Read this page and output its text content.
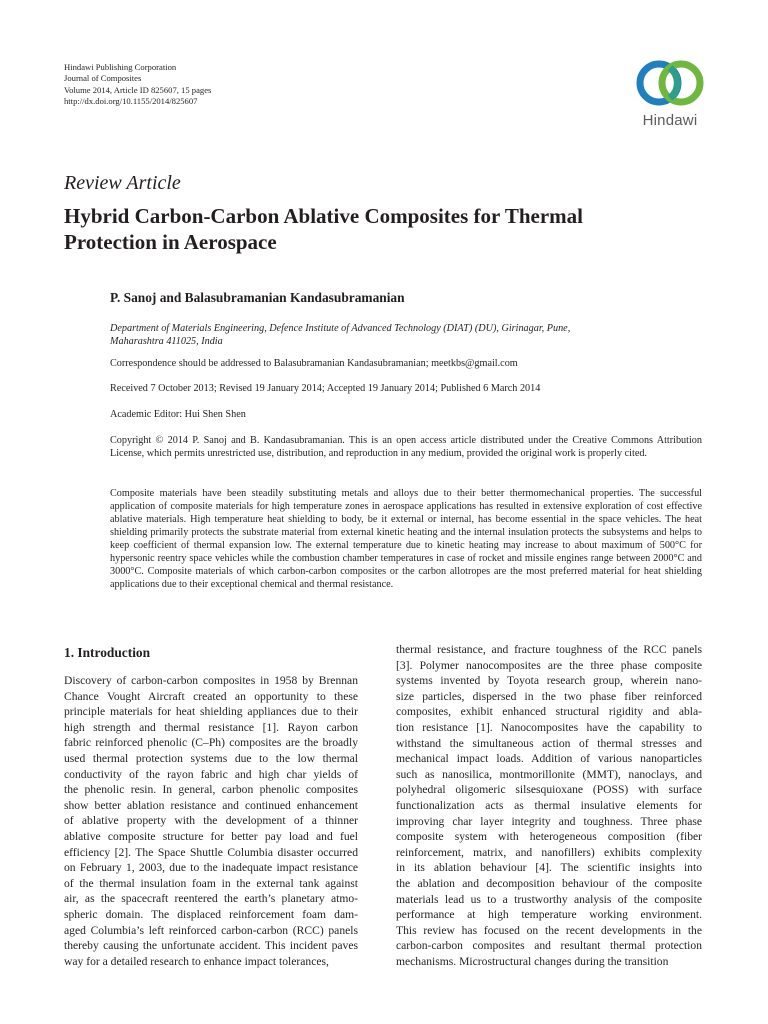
Hindawi Publishing Corporation
Journal of Composites
Volume 2014, Article ID 825607, 15 pages
http://dx.doi.org/10.1155/2014/825607
Hindawi
Review Article
Hybrid Carbon-Carbon Ablative Composites for Thermal
Protection in Aerospace
P. Sanoj and Balasubramanian Kandasubramanian
Department of Materials Engineering, Defence Institute of Advanced Technology (DIAT) (DU), Girinagar, Pune,
Maharashtra 411025, India
Correspondence should be addressed to Balasubramanian Kandasubramanian; meetkbs@gmail.com
Received 7 October 2013; Revised 19 January 2014; Accepted 19 January 2014; Published 6 March 2014
Academic Editor: Hui Shen Shen
Copyright © 2014 P. Sanoj and B. Kandasubramanian. This is an open access article distributed under the Creative Commons Attribution License, which permits unrestricted use, distribution, and reproduction in any medium, provided the original work is properly cited.
Composite materials have been steadily substituting metals and alloys due to their better thermomechanical properties. The successful application of composite materials for high temperature zones in aerospace applications has resulted in extensive exploration of cost effective ablative materials. High temperature heat shielding to body, be it external or internal, has become essential in the space vehicles. The heat shielding primarily protects the substrate material from external kinetic heating and the internal insulation protects the subsystems and helps to keep coefficient of thermal expansion low. The external temperature due to kinetic heating may increase to about maximum of 500°C for hypersonic reentry space vehicles while the combustion chamber temperatures in case of rocket and missile engines range between 2000°C and 3000°C. Composite materials of which carbon-carbon composites or the carbon allotropes are the most preferred material for heat shielding applications due to their exceptional chemical and thermal resistance.
1. Introduction
Discovery of carbon-carbon composites in 1958 by Brennan
Chance Vought Aircraft created an opportunity to these
principle materials for heat shielding appliances due to their
high strength and thermal resistance [1]. Rayon carbon
fabric reinforced phenolic (C–Ph) composites are the broadly
used thermal protection systems due to the low thermal
conductivity of the rayon fabric and high char yields of
the phenolic resin. In general, carbon phenolic composites
show better ablation resistance and continued enhancement
of ablative property with the development of a thinner
ablative composite structure for better pay load and fuel
efficiency [2]. The Space Shuttle Columbia disaster occurred
on February 1, 2003, due to the inadequate impact resistance
of the thermal insulation foam in the external tank against
air, as the spacecraft reentered the earth’s planetary atmo-
spheric domain. The displaced reinforcement foam dam-
aged Columbia’s left reinforced carbon-carbon (RCC) panels
thereby causing the unfortunate accident. This incident paves
way for a detailed research to enhance impact tolerances,
thermal resistance, and fracture toughness of the RCC panels
[3]. Polymer nanocomposites are the three phase composite
systems invented by Toyota research group, wherein nano-
size particles, dispersed in the two phase fiber reinforced
composites, exhibit enhanced structural rigidity and abla-
tion resistance [1]. Nanocomposites have the capability to
withstand the simultaneous action of thermal stresses and
mechanical impact loads. Addition of various nanoparticles
such as nanosilica, montmorillonite (MMT), nanoclays, and
polyhedral oligomeric silsesquioxane (POSS) with surface
functionalization acts as thermal insulative elements for
improving char layer integrity and toughness. Three phase
composite system with heterogeneous composition (fiber
reinforcement, matrix, and nanofillers) exhibits complexity
in its ablation behaviour [4]. The scientific insights into
the ablation and decomposition behaviour of the composite
materials lead us to a trustworthy analysis of the composite
performance at high temperature working environment.
This review has focused on the recent developments in the
carbon-carbon composites and resultant thermal protection
mechanisms. Microstructural changes during the transition
